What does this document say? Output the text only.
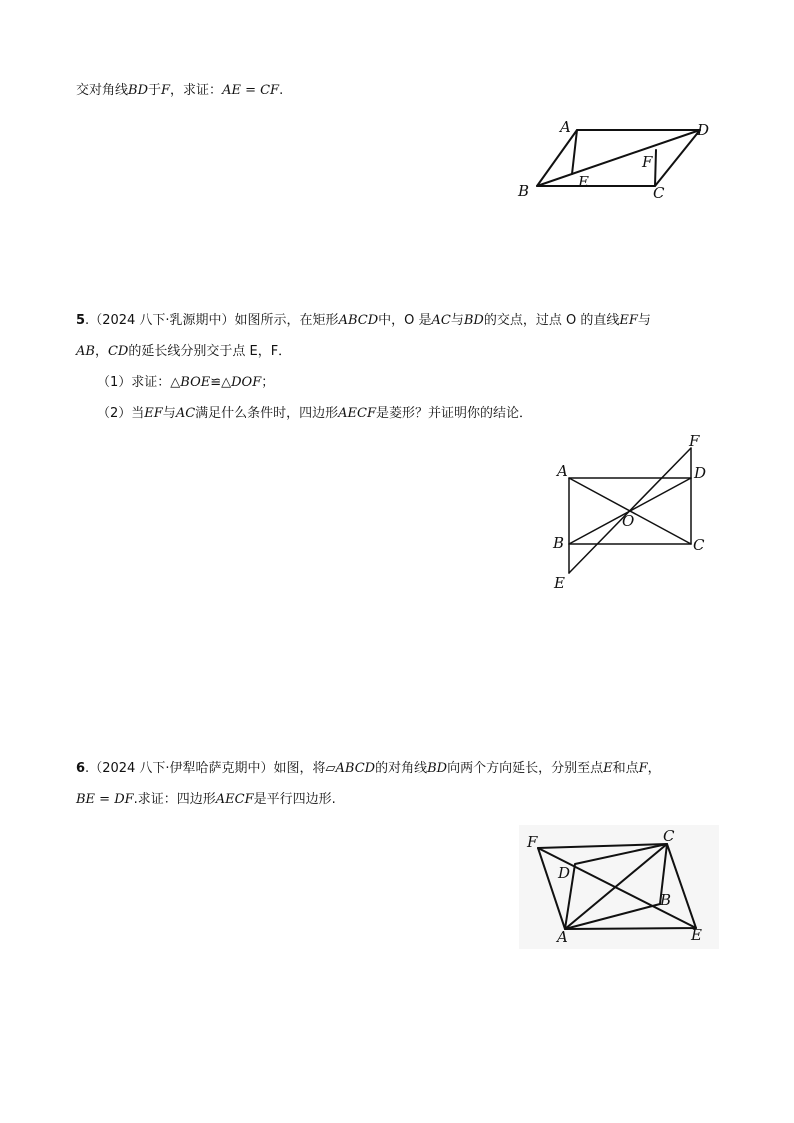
交对角线BD于F，求证：AE = CF.
A	D
B	C
E
F
5.（2024 八下·乳源期中）如图所示，在矩形ABCD中，O 是AC与BD的交点，过点 O 的直线EF与
AB，CD的延长线分别交于点 E，F．
（1）求证：△BOE≌△DOF；
（2）当EF与AC满足什么条件时，四边形AECF是菱形？并证明你的结论．
A	D
B	C
E
F
O
6.（2024 八下·伊犁哈萨克期中）如图，将▱ABCD的对角线BD向两个方向延长，分别至点E和点F，
BE = DF.求证：四边形AECF是平行四边形.
F	C
D
B
A	E
